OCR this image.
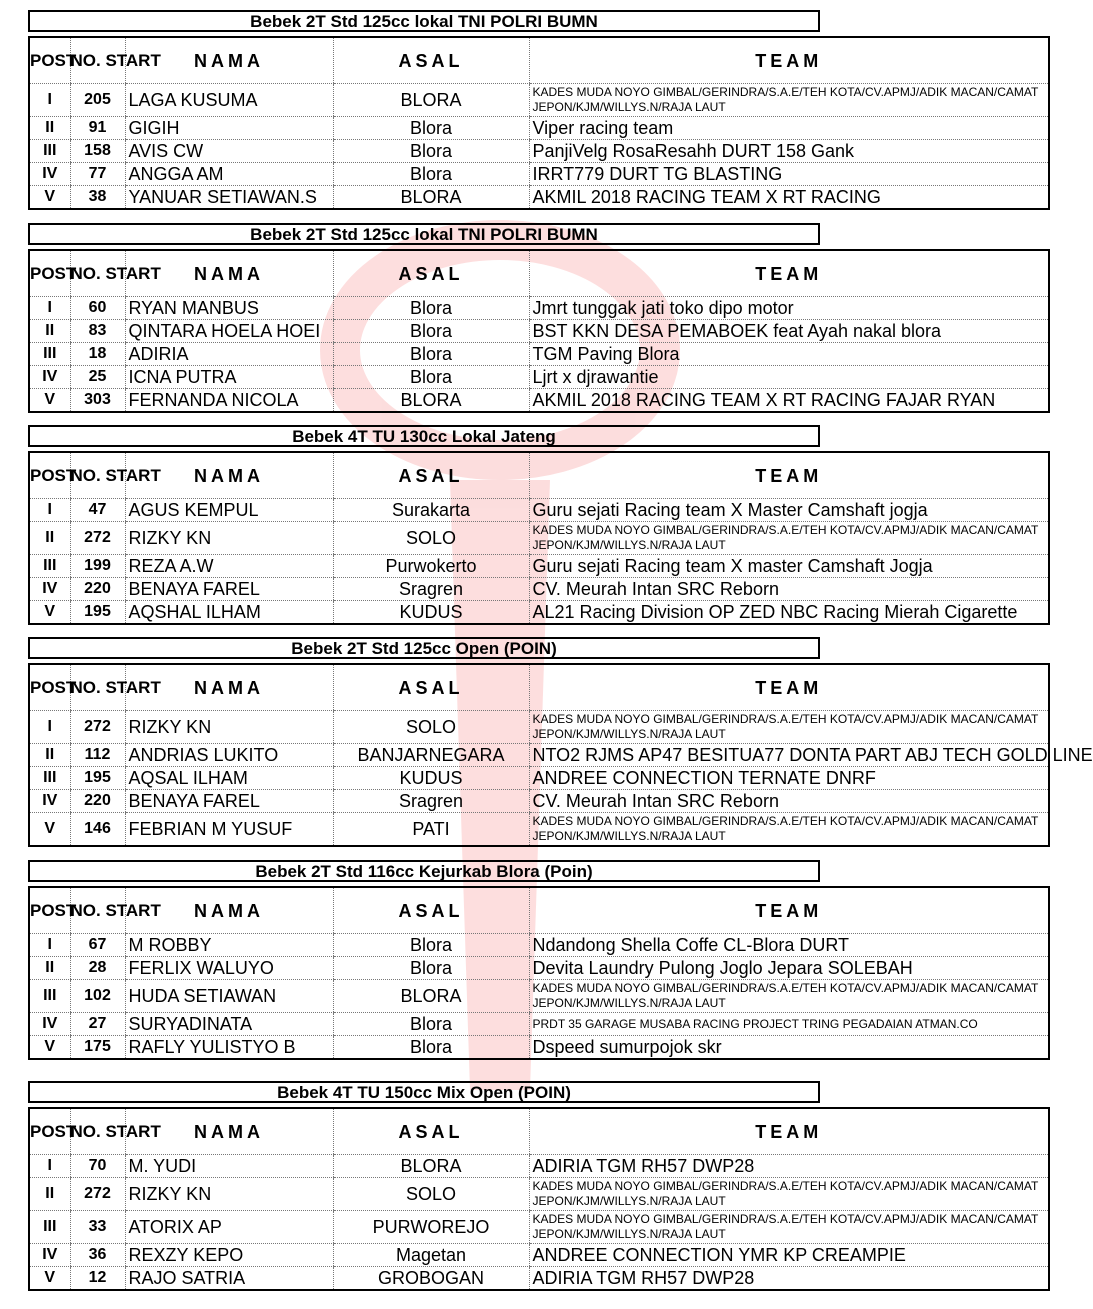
Bebek 2T Std 125cc lokal TNI POLRI BUMN
POST	NO. START	NAMA	ASAL	TEAM
I	205	LAGA KUSUMA	BLORA	KADES MUDA NOYO GIMBAL/GERINDRA/S.A.E/TEH KOTA/CV.APMJ/ADIK MACAN/CAMAT JEPON/KJM/WILLYS.N/RAJA LAUT
II	91	GIGIH	Blora	Viper racing team
III	158	AVIS CW	Blora	PanjiVelg RosaResahh DURT 158 Gank
IV	77	ANGGA AM	Blora	IRRT779 DURT TG BLASTING
V	38	YANUAR SETIAWAN.S	BLORA	AKMIL 2018 RACING TEAM X RT RACING
Bebek 2T Std 125cc lokal TNI POLRI BUMN
POST	NO. START	NAMA	ASAL	TEAM
I	60	RYAN MANBUS	Blora	Jmrt tunggak jati toko dipo motor
II	83	QINTARA HOELA HOEI	Blora	BST KKN DESA PEMABOEK feat Ayah nakal blora
III	18	ADIRIA	Blora	TGM Paving Blora
IV	25	ICNA PUTRA	Blora	Ljrt x djrawantie
V	303	FERNANDA NICOLA	BLORA	AKMIL 2018 RACING TEAM X RT RACING FAJAR RYAN
Bebek 4T TU 130cc Lokal Jateng
POST	NO. START	NAMA	ASAL	TEAM
I	47	AGUS KEMPUL	Surakarta	Guru sejati Racing team X Master Camshaft jogja
II	272	RIZKY KN	SOLO	KADES MUDA NOYO GIMBAL/GERINDRA/S.A.E/TEH KOTA/CV.APMJ/ADIK MACAN/CAMAT JEPON/KJM/WILLYS.N/RAJA LAUT
III	199	REZA A.W	Purwokerto	Guru sejati Racing team X master Camshaft Jogja
IV	220	BENAYA FAREL	Sragren	CV. Meurah Intan SRC Reborn
V	195	AQSHAL ILHAM	KUDUS	AL21 Racing Division OP ZED NBC Racing Mierah Cigarette
Bebek 2T Std 125cc Open (POIN)
POST	NO. START	NAMA	ASAL	TEAM
I	272	RIZKY KN	SOLO	KADES MUDA NOYO GIMBAL/GERINDRA/S.A.E/TEH KOTA/CV.APMJ/ADIK MACAN/CAMAT JEPON/KJM/WILLYS.N/RAJA LAUT
II	112	ANDRIAS LUKITO	BANJARNEGARA	NTO2 RJMS AP47 BESITUA77 DONTA PART ABJ TECH GOLD LINE
III	195	AQSAL ILHAM	KUDUS	ANDREE CONNECTION TERNATE DNRF
IV	220	BENAYA FAREL	Sragren	CV. Meurah Intan SRC Reborn
V	146	FEBRIAN M YUSUF	PATI	KADES MUDA NOYO GIMBAL/GERINDRA/S.A.E/TEH KOTA/CV.APMJ/ADIK MACAN/CAMAT JEPON/KJM/WILLYS.N/RAJA LAUT
Bebek 2T Std 116cc Kejurkab Blora (Poin)
POST	NO. START	NAMA	ASAL	TEAM
I	67	M ROBBY	Blora	Ndandong Shella Coffe CL-Blora DURT
II	28	FERLIX WALUYO	Blora	Devita Laundry Pulong Joglo Jepara SOLEBAH
III	102	HUDA SETIAWAN	BLORA	KADES MUDA NOYO GIMBAL/GERINDRA/S.A.E/TEH KOTA/CV.APMJ/ADIK MACAN/CAMAT JEPON/KJM/WILLYS.N/RAJA LAUT
IV	27	SURYADINATA	Blora	PRDT 35 GARAGE MUSABA RACING PROJECT TRING PEGADAIAN ATMAN.CO
V	175	RAFLY YULISTYO B	Blora	Dspeed sumurpojok skr
Bebek 4T TU 150cc Mix Open (POIN)
POST	NO. START	NAMA	ASAL	TEAM
I	70	M. YUDI	BLORA	ADIRIA TGM RH57 DWP28
II	272	RIZKY KN	SOLO	KADES MUDA NOYO GIMBAL/GERINDRA/S.A.E/TEH KOTA/CV.APMJ/ADIK MACAN/CAMAT JEPON/KJM/WILLYS.N/RAJA LAUT
III	33	ATORIX AP	PURWOREJO	KADES MUDA NOYO GIMBAL/GERINDRA/S.A.E/TEH KOTA/CV.APMJ/ADIK MACAN/CAMAT JEPON/KJM/WILLYS.N/RAJA LAUT
IV	36	REXZY KEPO	Magetan	ANDREE CONNECTION YMR KP CREAMPIE
V	12	RAJO SATRIA	GROBOGAN	ADIRIA TGM RH57 DWP28
